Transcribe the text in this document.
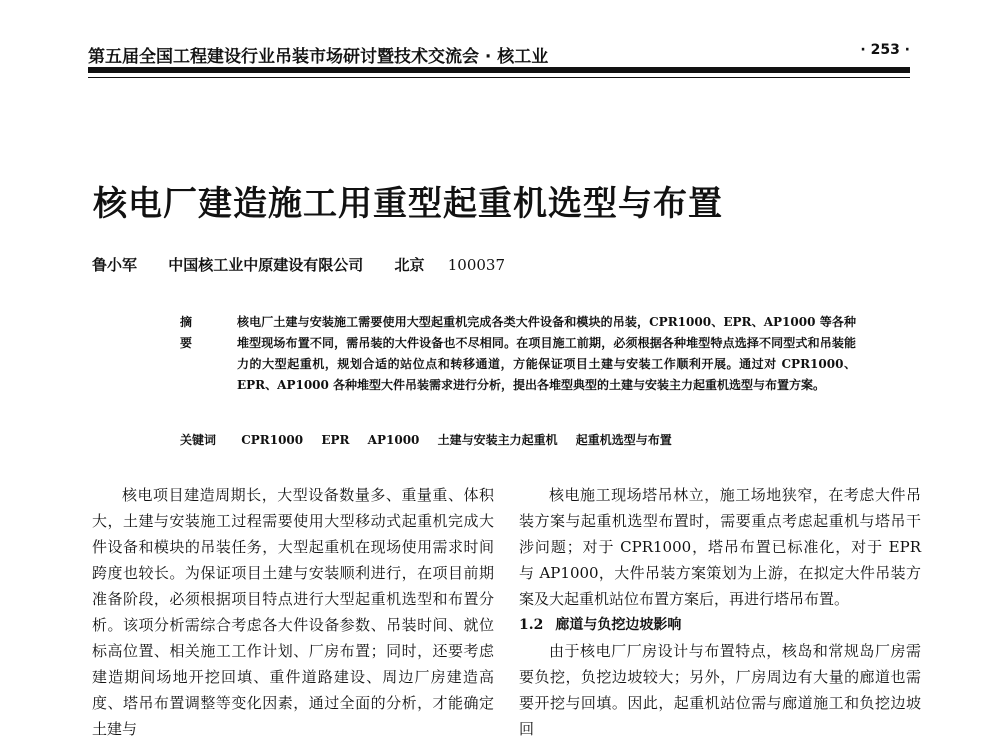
第五届全国工程建设行业吊装市场研讨暨技术交流会 · 核工业	· 253 ·
核电厂建造施工用重型起重机选型与布置
鲁小军 中国核工业中原建设有限公司 北京 100037
摘 要
核电厂土建与安装施工需要使用大型起重机完成各类大件设备和模块的吊装，CPR1000、EPR、AP1000 等各种堆型现场布置不同，需吊装的大件设备也不尽相同。在项目施工前期，必须根据各种堆型特点选择不同型式和吊装能力的大型起重机，规划合适的站位点和转移通道，方能保证项目土建与安装工作顺利开展。通过对 CPR1000、EPR、AP1000 各种堆型大件吊装需求进行分析，提出各堆型典型的土建与安装主力起重机选型与布置方案。
关键词 CPR1000 EPR AP1000 土建与安装主力起重机 起重机选型与布置

核电项目建造周期长，大型设备数量多、重量重、体积大，土建与安装施工过程需要使用大型移动式起重机完成大件设备和模块的吊装任务，大型起重机在现场使用需求时间跨度也较长。为保证项目土建与安装顺利进行，在项目前期准备阶段，必须根据项目特点进行大型起重机选型和布置分析。该项分析需综合考虑各大件设备参数、吊装时间、就位标高位置、相关施工工作计划、厂房布置；同时，还要考虑建造期间场地开挖回填、重件道路建设、周边厂房建造高度、塔吊布置调整等变化因素，通过全面的分析，才能确定土建与

核电施工现场塔吊林立，施工场地狭窄，在考虑大件吊装方案与起重机选型布置时，需要重点考虑起重机与塔吊干涉问题；对于 CPR1000，塔吊布置已标准化，对于 EPR 与 AP1000，大件吊装方案策划为上游，在拟定大件吊装方案及大起重机站位布置方案后，再进行塔吊布置。

1.2 廊道与负挖边坡影响

由于核电厂厂房设计与布置特点，核岛和常规岛厂房需要负挖，负挖边坡较大；另外，厂房周边有大量的廊道也需要开挖与回填。因此，起重机站位需与廊道施工和负挖边坡回
